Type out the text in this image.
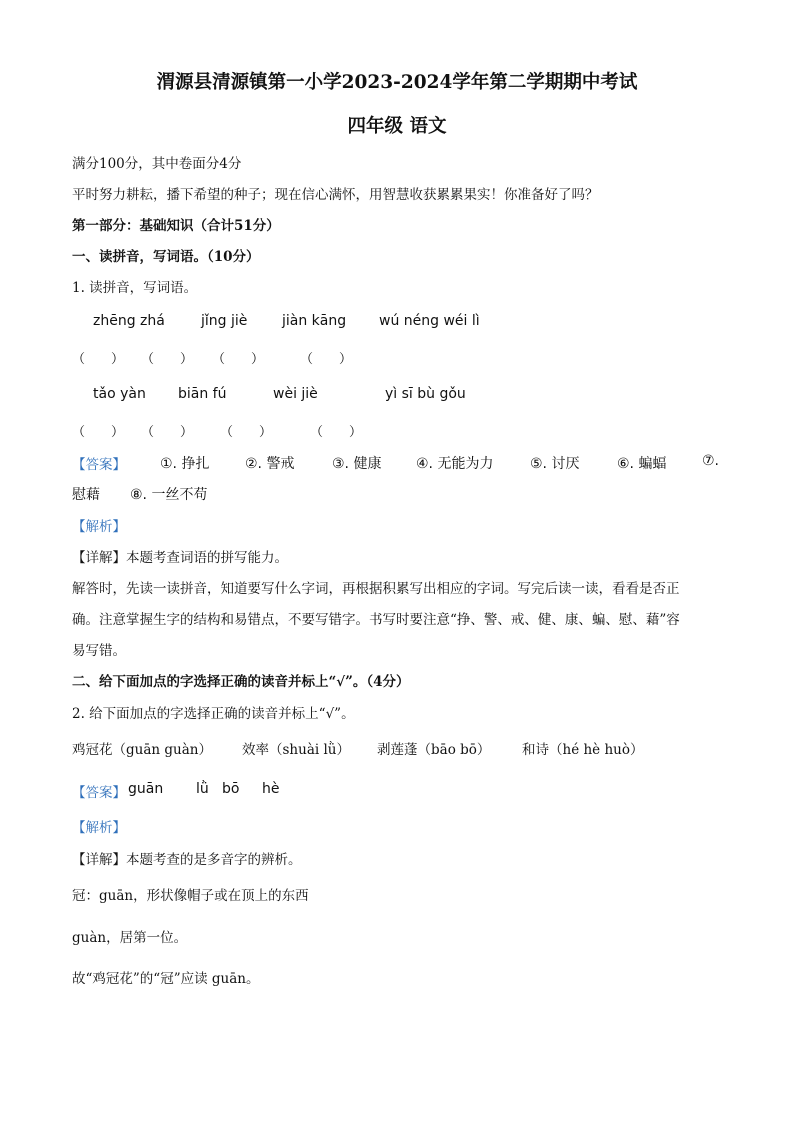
渭源县清源镇第一小学2023-2024学年第二学期期中考试
四年级 语文
满分100分，其中卷面分4分
平时努力耕耘，播下希望的种子；现在信心满怀，用智慧收获累累果实！你准备好了吗？
第一部分：基础知识（合计51分）
一、读拼音，写词语。（10分）
1. 读拼音，写词语。
zhēng zhá	jǐng jiè jiàn kāng wú néng wéi lì
（　　） （　　） （　　）	（　　）
tǎo yàn biān fú	wèi jiè	yì sī bù gǒu
（　　） （　　） （　　）	（　　）
【答案】 ①. 挣扎	②. 警戒	③. 健康 ④. 无能为力	⑤. 讨厌	⑥. 蝙蝠	⑦.
慰藉 ⑧. 一丝不苟
【解析】
【详解】本题考查词语的拼写能力。
解答时，先读一读拼音，知道要写什么字词，再根据积累写出相应的字词。写完后读一读，看看是否正
确。注意掌握生字的结构和易错点，不要写错字。书写时要注意“挣、警、戒、健、康、蝙、慰、藉”容
易写错。
二、给下面加点的字选择正确的读音并标上“√”。（4分）
2. 给下面加点的字选择正确的读音并标上“√”。
鸡冠花（guān guàn） 效率（shuài lǜ） 剥莲蓬（bāo bō） 和诗（hé hè huò）
【答案】 guān lǜ bō hè
【解析】
【详解】本题考查的是多音字的辨析。
冠：guān，形状像帽子或在顶上的东西
guàn，居第一位。
故“鸡冠花”的“冠”应读 guān。
